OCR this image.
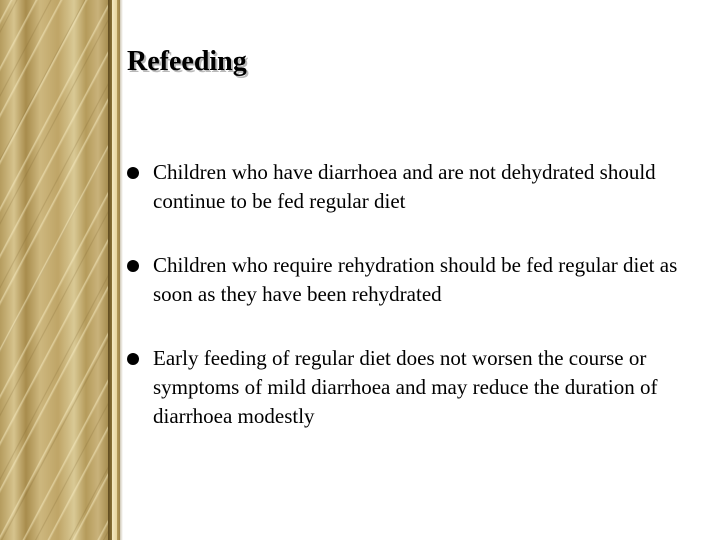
Refeeding
Children who have diarrhoea and are not dehydrated should continue to be fed regular diet
Children who require rehydration should be fed regular diet as soon as they have been rehydrated
Early feeding of regular diet does not worsen the course or symptoms of mild diarrhoea and may reduce the duration of diarrhoea modestly
